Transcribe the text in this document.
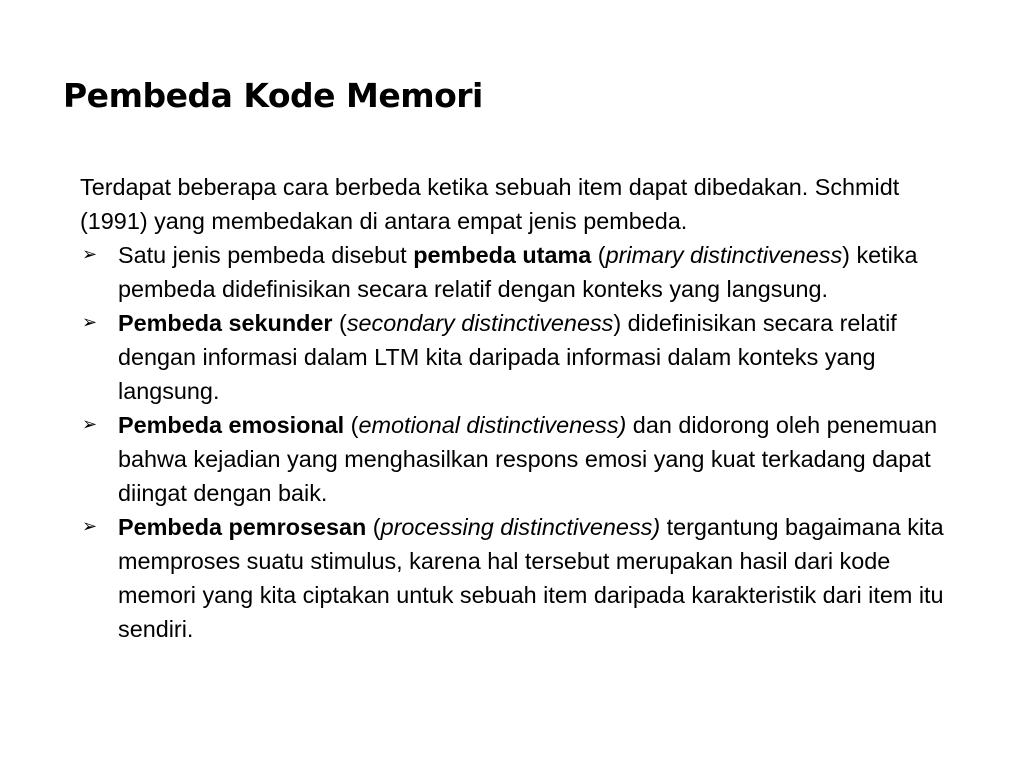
Pembeda Kode Memori

Terdapat beberapa cara berbeda ketika sebuah item dapat dibedakan. Schmidt (1991) yang membedakan di antara empat jenis pembeda.

➢ Satu jenis pembeda disebut pembeda utama (primary distinctiveness) ketika pembeda didefinisikan secara relatif dengan konteks yang langsung.
➢ Pembeda sekunder (secondary distinctiveness) didefinisikan secara relatif dengan informasi dalam LTM kita daripada informasi dalam konteks yang langsung.
➢ Pembeda emosional (emotional distinctiveness) dan didorong oleh penemuan bahwa kejadian yang menghasilkan respons emosi yang kuat terkadang dapat diingat dengan baik.
➢ Pembeda pemrosesan (processing distinctiveness) tergantung bagaimana kita memproses suatu stimulus, karena hal tersebut merupakan hasil dari kode memori yang kita ciptakan untuk sebuah item daripada karakteristik dari item itu sendiri.
